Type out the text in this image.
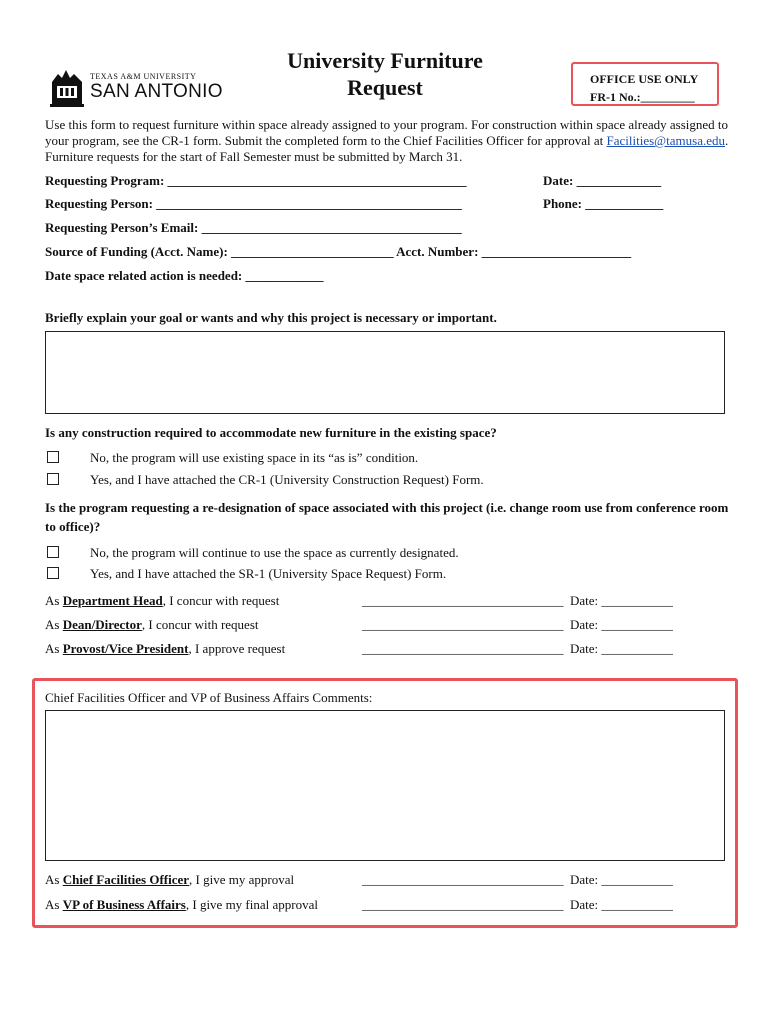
TEXAS A&M UNIVERSITY
SAN ANTONIO
University Furniture
Request	OFFICE USE ONLY
FR-1 No.:_________
Use this form to request furniture within space already assigned to your program. For construction within space already assigned to your program, see the CR-1 form. Submit the completed form to the Chief Facilities Officer for approval at Facilities@tamusa.edu. Furniture requests for the start of Fall Semester must be submitted by March 31.
Requesting Program: ______________________________________________	Date: _____________
Requesting Person: _______________________________________________	Phone: ____________
Requesting Person’s Email: ________________________________________
Source of Funding (Acct. Name): _________________________ Acct. Number: _______________________
Date space related action is needed: ____________
Briefly explain your goal or wants and why this project is necessary or important.
Is any construction required to accommodate new furniture in the existing space?
No, the program will use existing space in its “as is” condition.
Yes, and I have attached the CR-1 (University Construction Request) Form.
Is the program requesting a re-designation of space associated with this project (i.e. change room use from conference room to office)?
No, the program will continue to use the space as currently designated.
Yes, and I have attached the SR-1 (University Space Request) Form.
As Department Head, I concur with request	_______________________________ Date: ___________
As Dean/Director, I concur with request	_______________________________ Date: ___________
As Provost/Vice President, I approve request	_______________________________ Date: ___________
Chief Facilities Officer and VP of Business Affairs Comments:
As Chief Facilities Officer, I give my approval	_______________________________ Date: ___________
As VP of Business Affairs, I give my final approval	_______________________________ Date: ___________
